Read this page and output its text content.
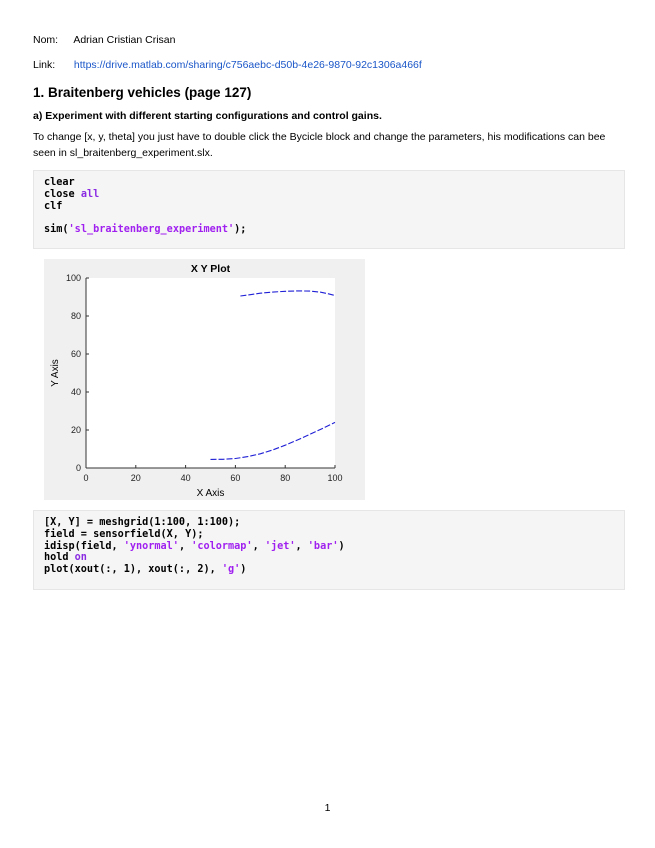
Nom: Adrian Cristian Crisan
Link: https://drive.matlab.com/sharing/c756aebc-d50b-4e26-9870-92c1306a466f
1. Braitenberg vehicles (page 127)
a) Experiment with different starting configurations and control gains.
To change [x, y, theta] you just have to double click the Bycicle block and change the parameters, his modifications can bee seen in sl_braitenberg_experiment.slx.
clear
close all
clf

sim('sl_braitenberg_experiment');
X Y Plot
0	20	40	60	80	100
0
20
40
60
80
100
X Axis
Y Axis
[X, Y] = meshgrid(1:100, 1:100);
field = sensorfield(X, Y);
idisp(field, 'ynormal', 'colormap', 'jet', 'bar')
hold on
plot(xout(:, 1), xout(:, 2), 'g')
1
